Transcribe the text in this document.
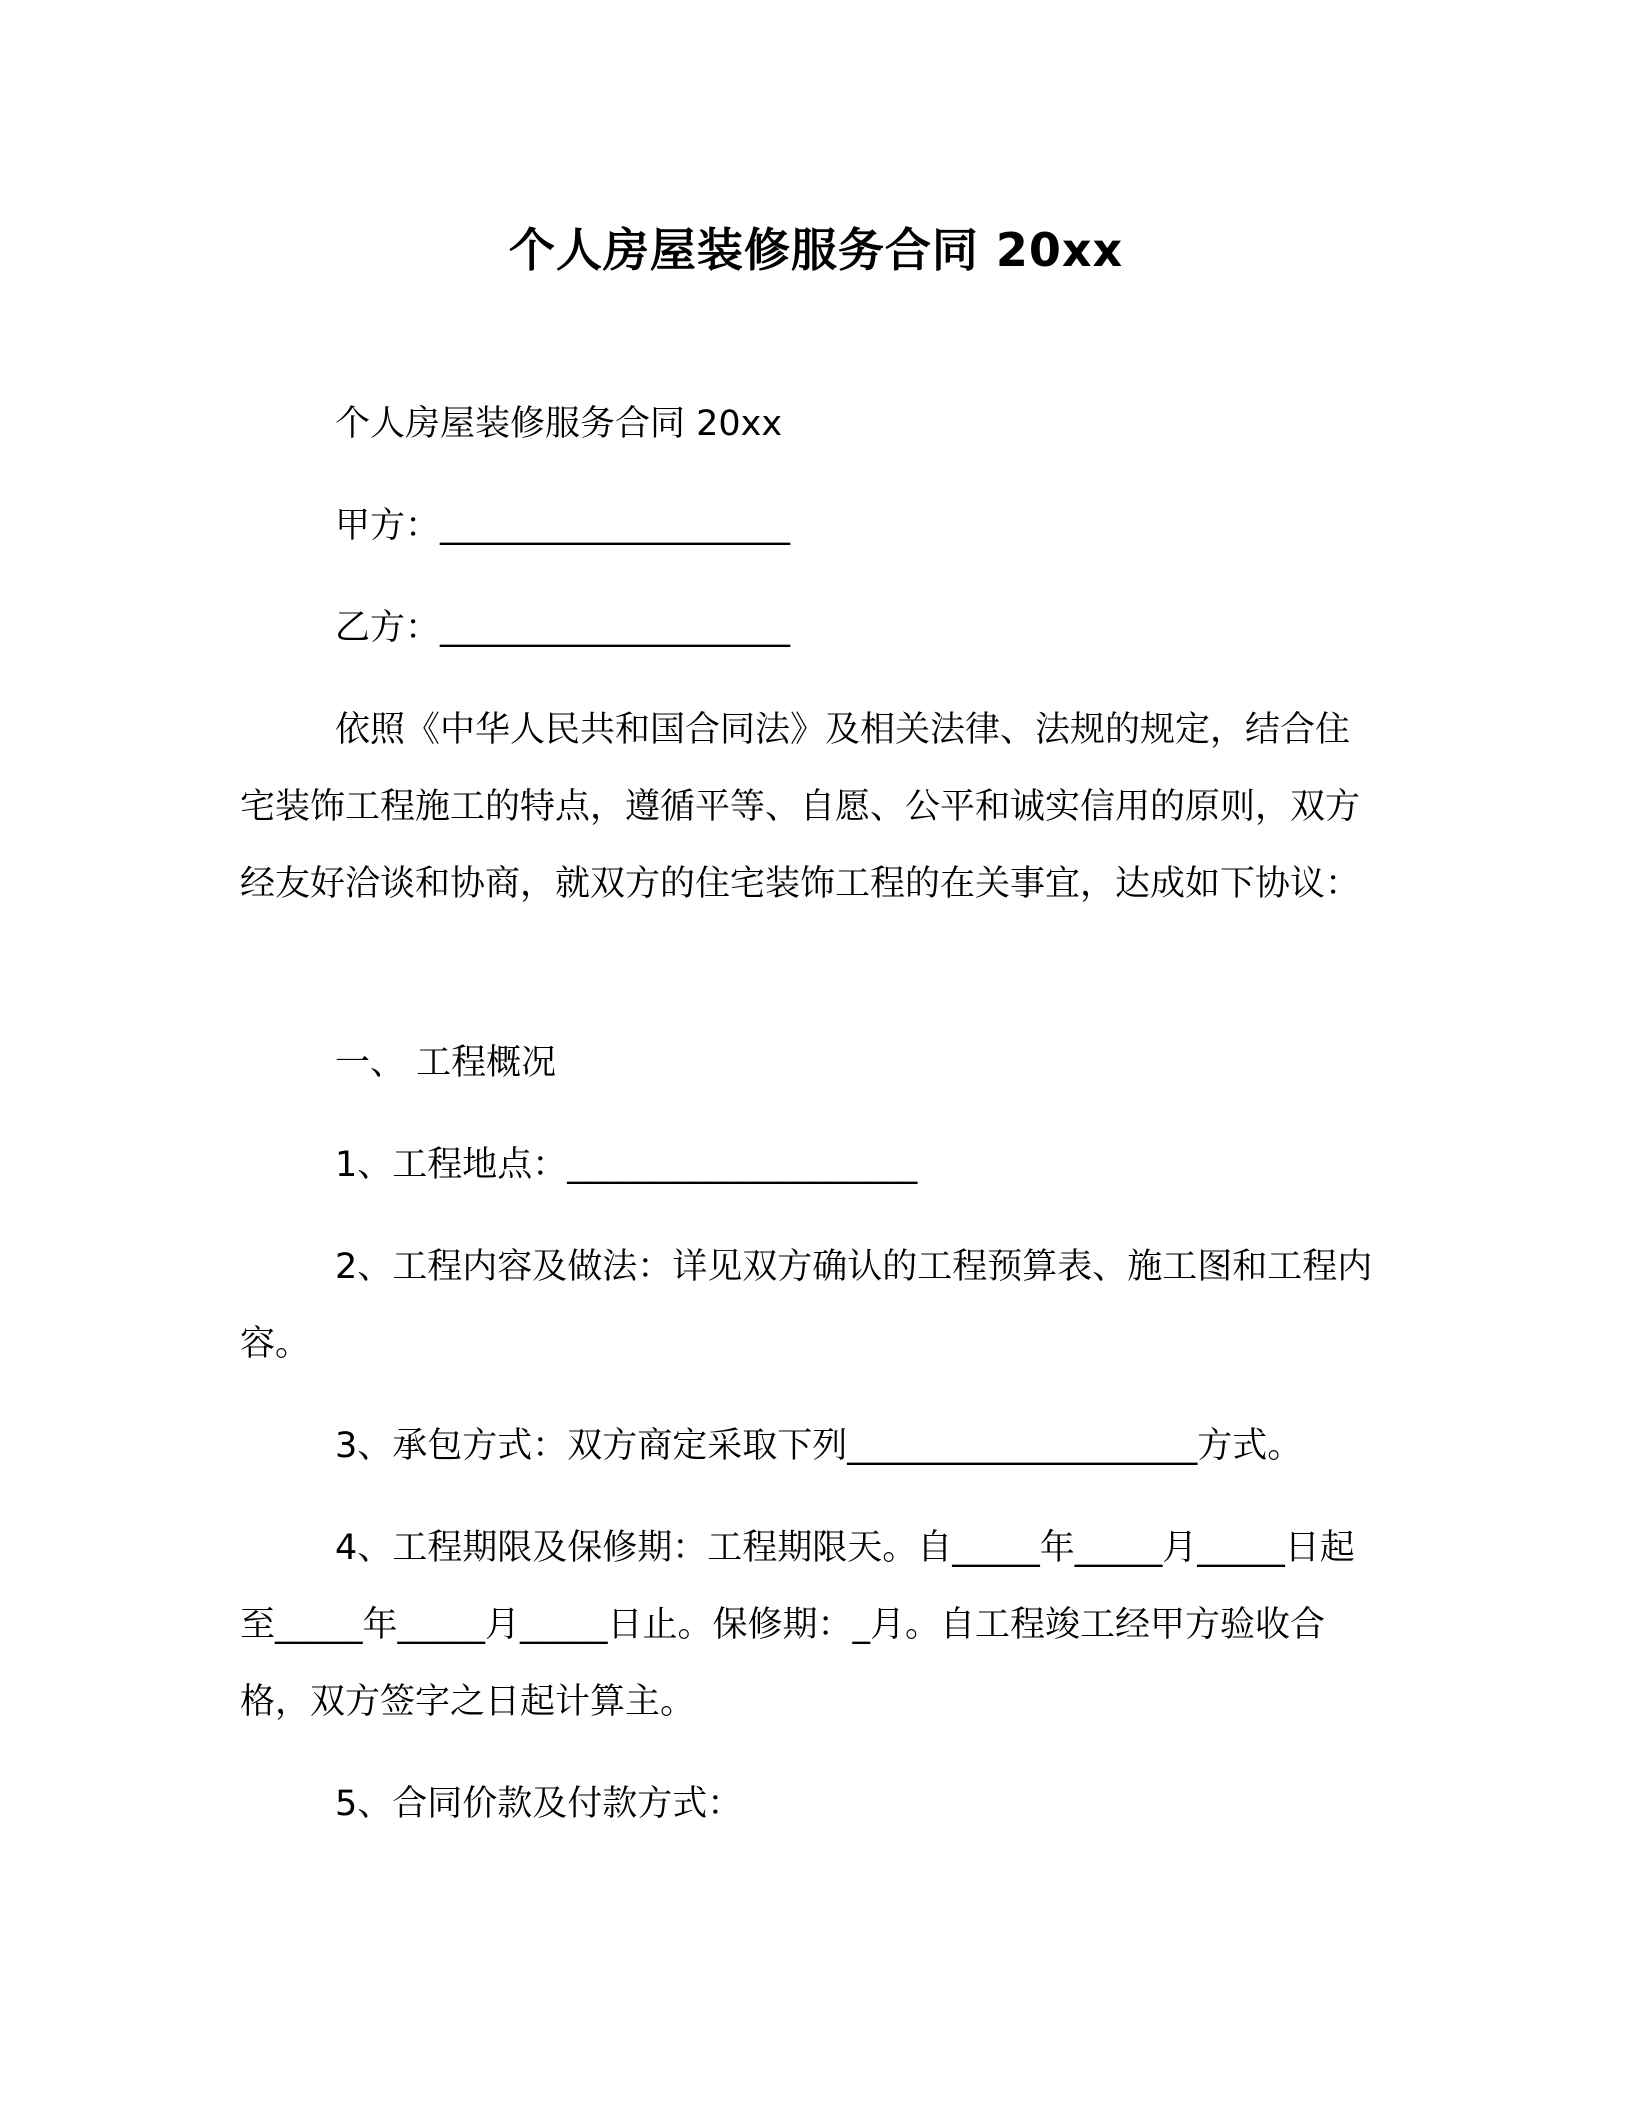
个人房屋装修服务合同 20xx

个人房屋装修服务合同 20xx

甲方：____________________

乙方：____________________

依照《中华人民共和国合同法》及相关法律、法规的规定，结合住宅装饰工程施工的特点，遵循平等、自愿、公平和诚实信用的原则，双方经友好洽谈和协商，就双方的住宅装饰工程的在关事宜，达成如下协议：

一、 工程概况

1、工程地点：____________________

2、工程内容及做法：详见双方确认的工程预算表、施工图和工程内容。

3、承包方式：双方商定采取下列____________________方式。

4、工程期限及保修期：工程期限天。自_____年_____月_____日起至_____年_____月_____日止。保修期：_月。自工程竣工经甲方验收合格，双方签字之日起计算主。

5、合同价款及付款方式：
